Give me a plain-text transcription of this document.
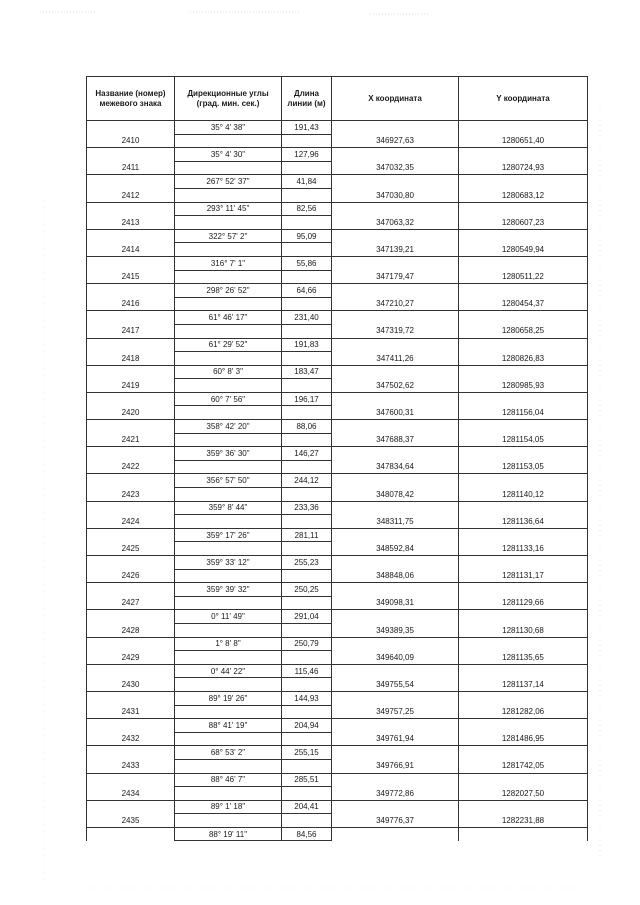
Название (номер) межевого знака	Дирекционные углы (град. мин. сек.)	Длина линии (м)	X координата	Y координата
	35° 4' 38"	191,43		
2410			346927,63	1280651,40
	35° 4' 30"	127,96		
2411			347032,35	1280724,93
	267° 52' 37"	41,84		
2412			347030,80	1280683,12
	293° 11' 45"	82,56		
2413			347063,32	1280607,23
	322° 57' 2"	95,09		
2414			347139,21	1280549,94
	316° 7' 1"	55,86		
2415			347179,47	1280511,22
	298° 26' 52"	64,66		
2416			347210,27	1280454,37
	61° 46' 17"	231,40		
2417			347319,72	1280658,25
	61° 29' 52"	191,83		
2418			347411,26	1280826,83
	60° 8' 3"	183,47		
2419			347502,62	1280985,93
	60° 7' 56"	196,17		
2420			347600,31	1281156,04
	358° 42' 20"	88,06		
2421			347688,37	1281154,05
	359° 36' 30"	146,27		
2422			347834,64	1281153,05
	356° 57' 50"	244,12		
2423			348078,42	1281140,12
	359° 8' 44"	233,36		
2424			348311,75	1281136,64
	359° 17' 26"	281,11		
2425			348592,84	1281133,16
	359° 33' 12"	255,23		
2426			348848,06	1281131,17
	359° 39' 32"	250,25		
2427			349098,31	1281129,66
	0° 11' 49"	291,04		
2428			349389,35	1281130,68
	1° 8' 8"	250,79		
2429			349640,09	1281135,65
	0° 44' 22"	115,46		
2430			349755,54	1281137,14
	89° 19' 26"	144,93		
2431			349757,25	1281282,06
	88° 41' 19"	204,94		
2432			349761,94	1281486,95
	68° 53' 2"	255,15		
2433			349766,91	1281742,05
	88° 46' 7"	285,51		
2434			349772,86	1282027,50
	89° 1' 18"	204,41		
2435			349776,37	1282231,88
	88° 19' 11"	84,56		
